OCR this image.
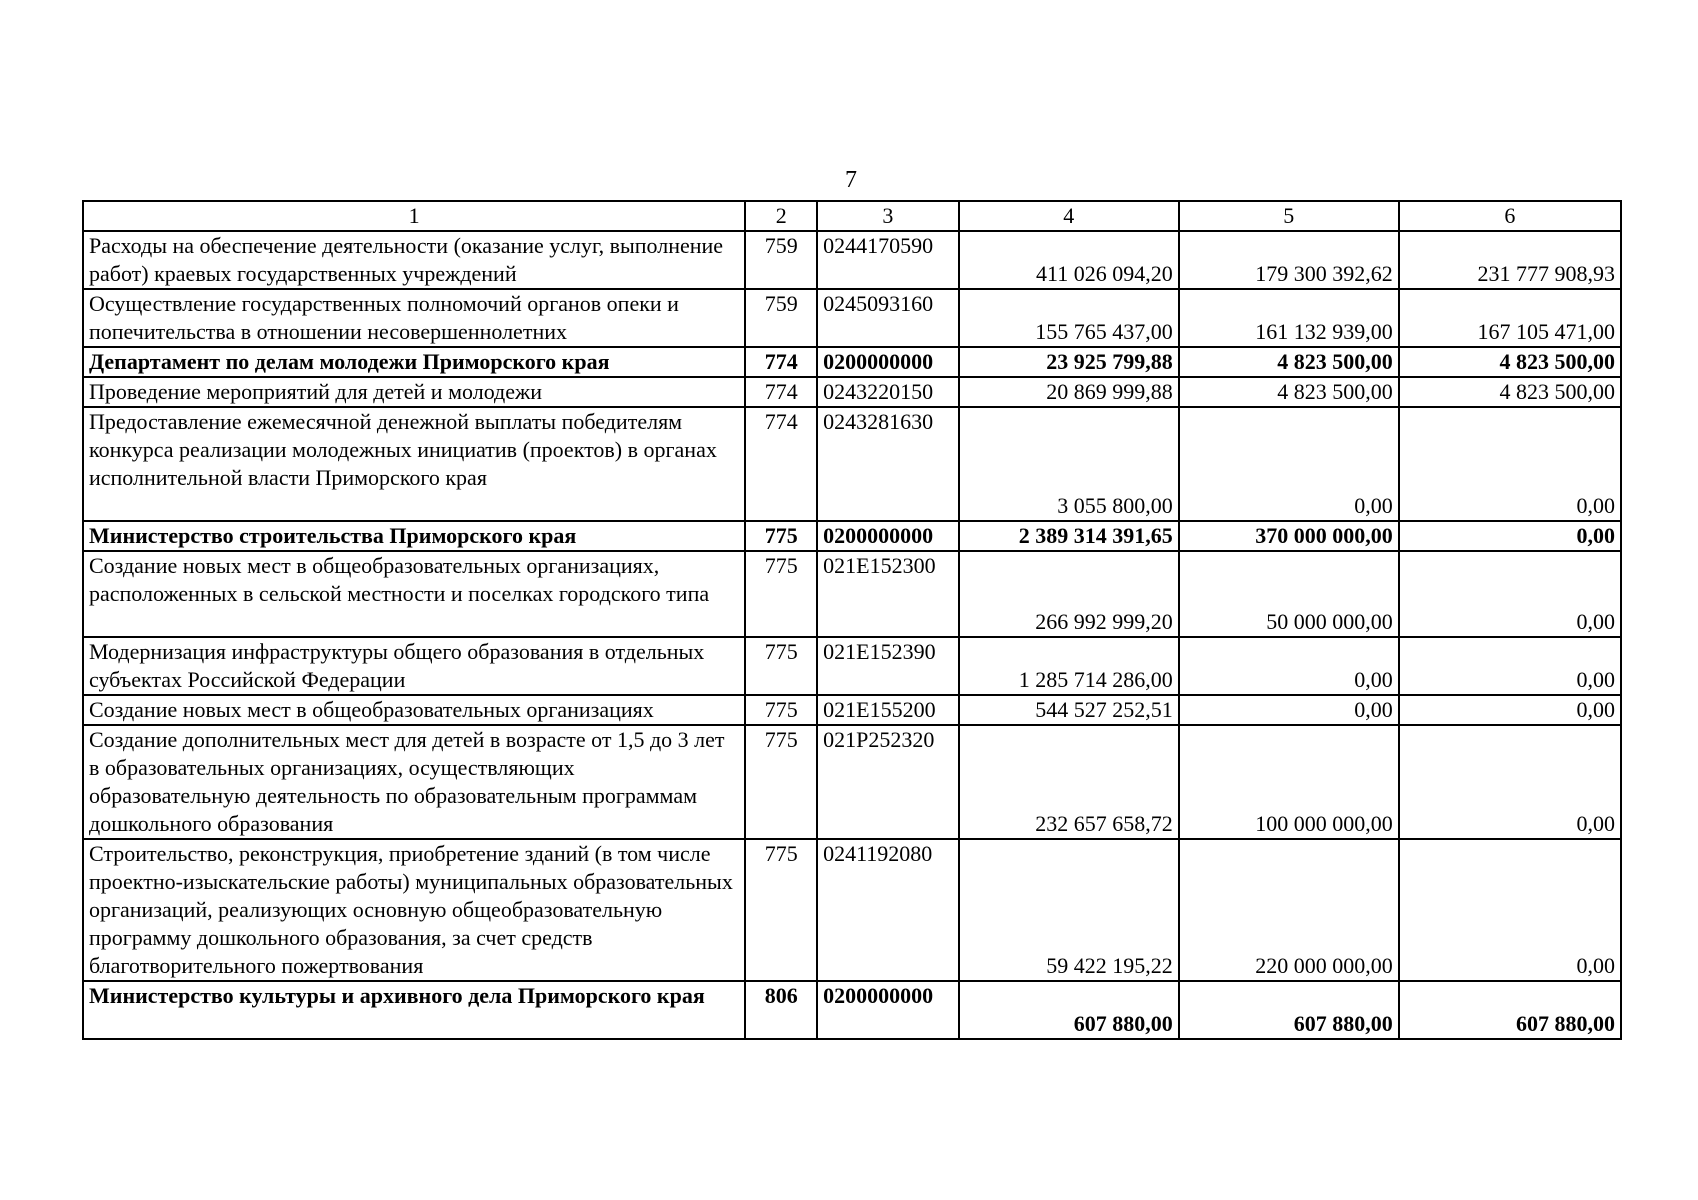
7
1	2	3	4	5	6
Расходы на обеспечение деятельности (оказание услуг, выполнение работ) краевых государственных учреждений	759	0244170590	411 026 094,20	179 300 392,62	231 777 908,93
Осуществление государственных полномочий органов опеки и попечительства в отношении несовершеннолетних	759	0245093160	155 765 437,00	161 132 939,00	167 105 471,00
Департамент по делам молодежи Приморского края	774	0200000000	23 925 799,88	4 823 500,00	4 823 500,00
Проведение мероприятий для детей и молодежи	774	0243220150	20 869 999,88	4 823 500,00	4 823 500,00
Предоставление ежемесячной денежной выплаты победителям конкурса реализации молодежных инициатив (проектов) в органах исполнительной власти Приморского края	774	0243281630	3 055 800,00	0,00	0,00
Министерство строительства Приморского края	775	0200000000	2 389 314 391,65	370 000 000,00	0,00
Создание новых мест в общеобразовательных организациях, расположенных в сельской местности и поселках городского типа	775	021E152300	266 992 999,20	50 000 000,00	0,00
Модернизация инфраструктуры общего образования в отдельных субъектах Российской Федерации	775	021E152390	1 285 714 286,00	0,00	0,00
Создание новых мест в общеобразовательных организациях	775	021E155200	544 527 252,51	0,00	0,00
Создание дополнительных мест для детей в возрасте от 1,5 до 3 лет в образовательных организациях, осуществляющих образовательную деятельность по образовательным программам дошкольного образования	775	021P252320	232 657 658,72	100 000 000,00	0,00
Строительство, реконструкция, приобретение зданий (в том числе проектно-изыскательские работы) муниципальных образовательных организаций, реализующих основную общеобразовательную программу дошкольного образования, за счет средств благотворительного пожертвования	775	0241192080	59 422 195,22	220 000 000,00	0,00
Министерство культуры и архивного дела Приморского края	806	0200000000	607 880,00	607 880,00	607 880,00
